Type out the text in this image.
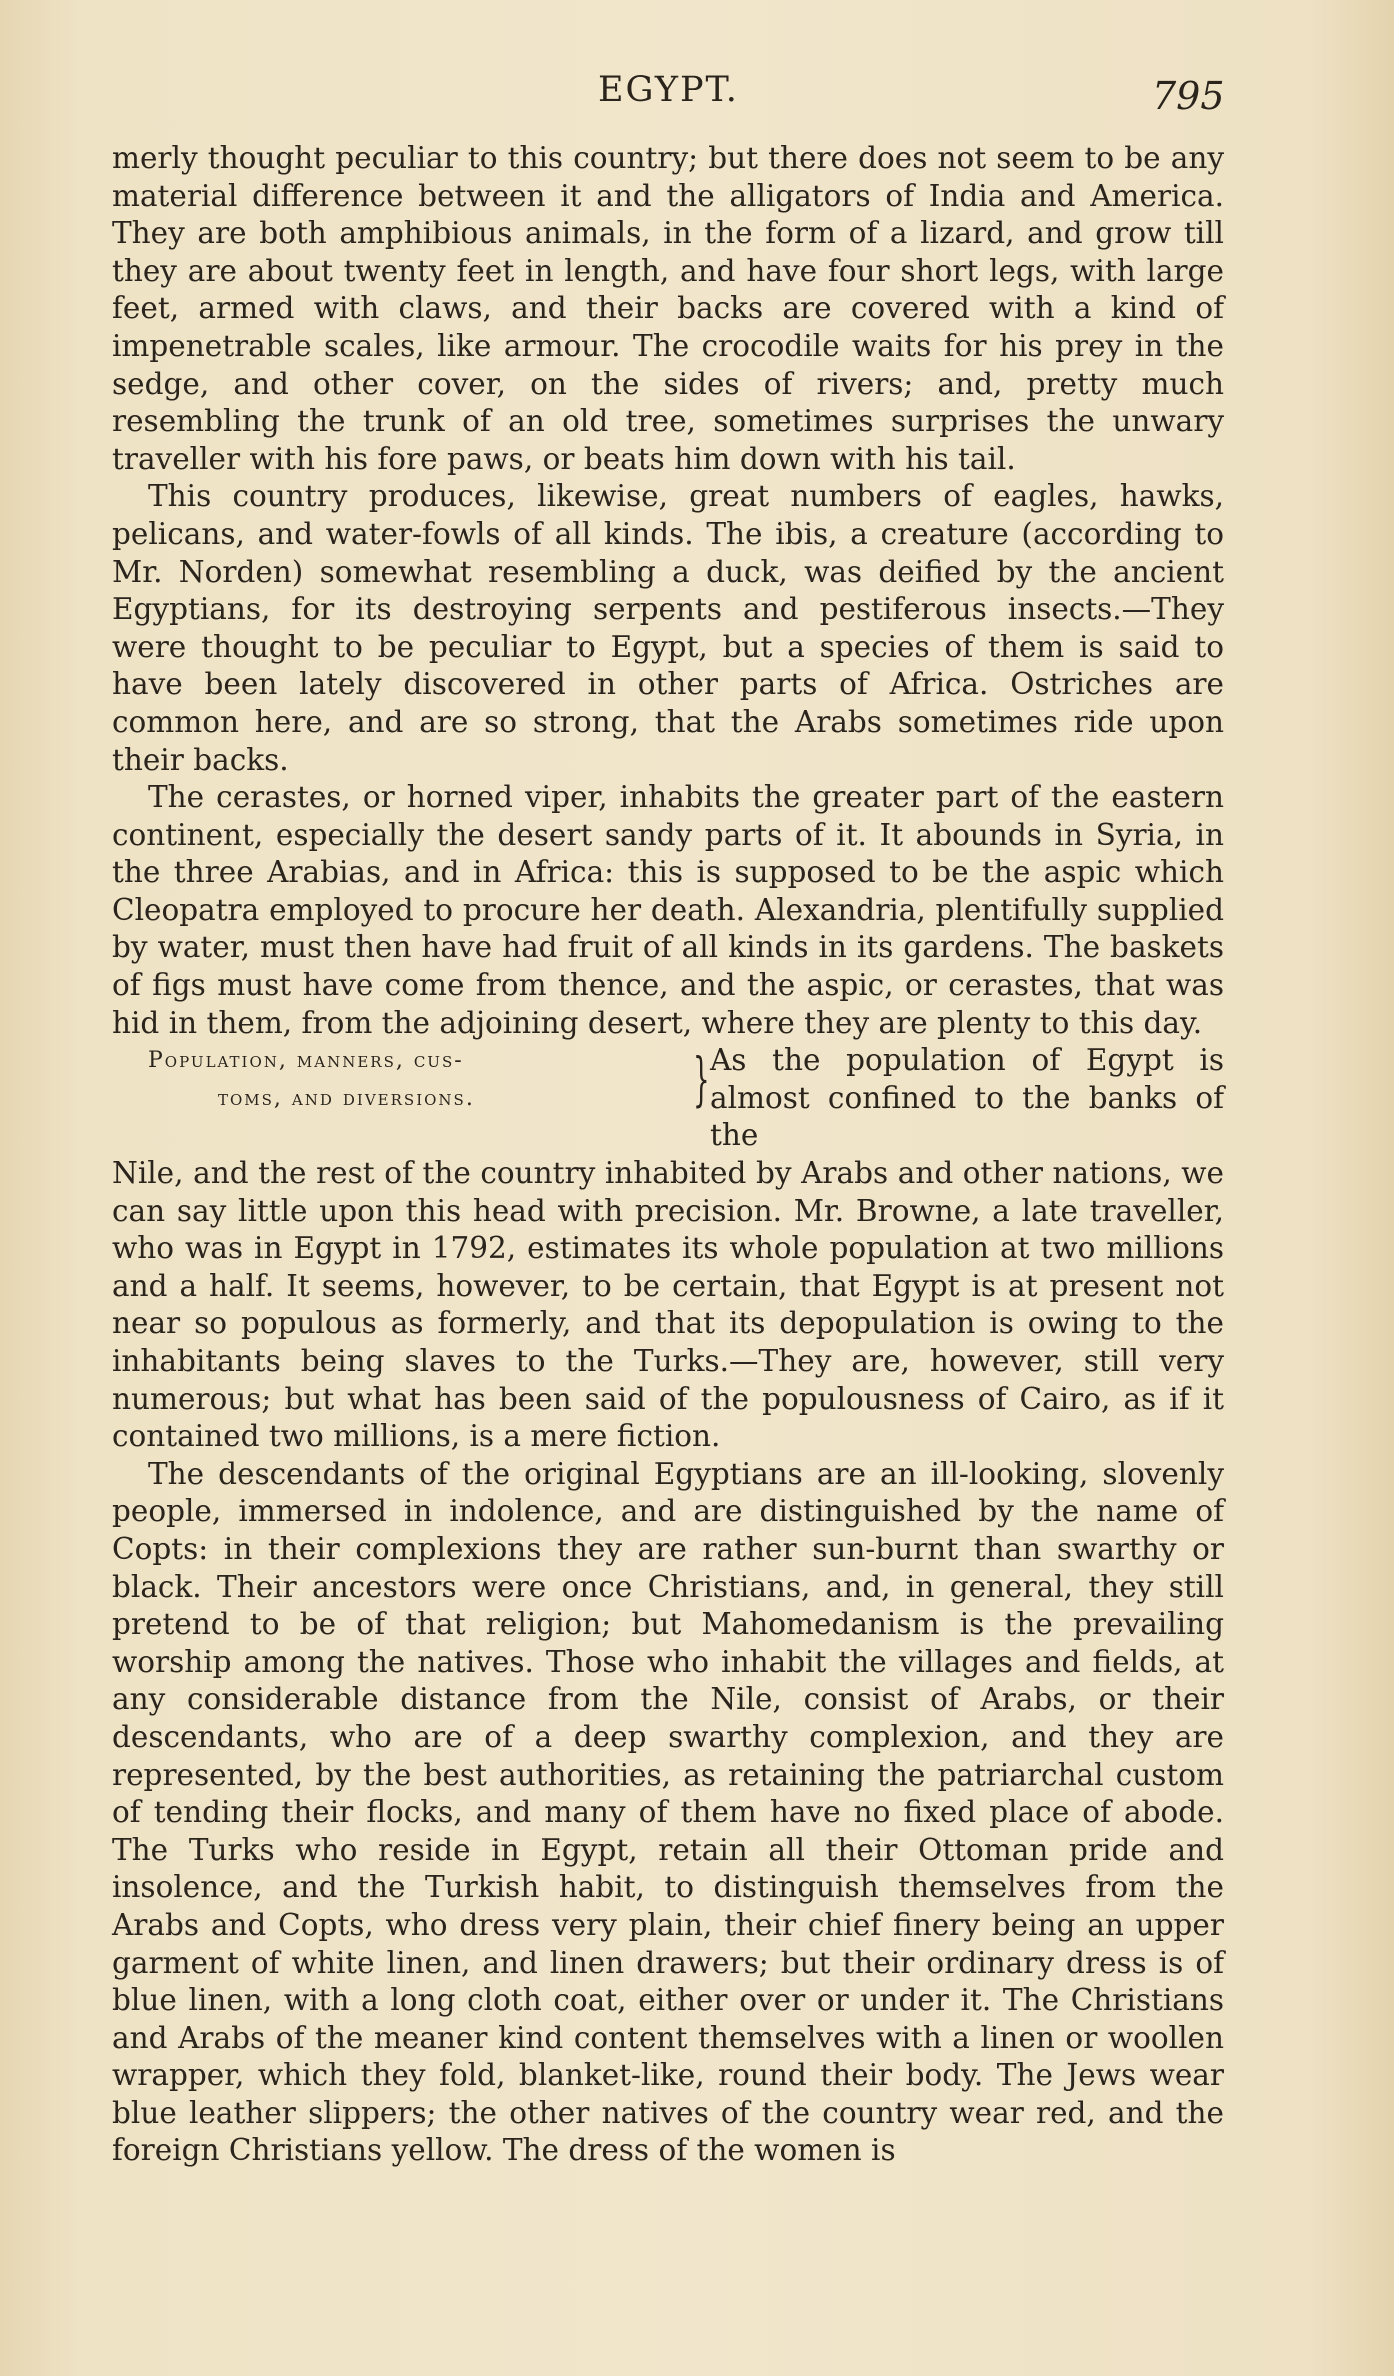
EGYPT.	795

merly thought peculiar to this country; but there does not seem to be any material difference between it and the alligators of India and America. They are both amphibious animals, in the form of a lizard, and grow till they are about twenty feet in length, and have four short legs, with large feet, armed with claws, and their backs are covered with a kind of impenetrable scales, like armour. The crocodile waits for his prey in the sedge, and other cover, on the sides of rivers; and, pretty much resembling the trunk of an old tree, sometimes surprises the unwary traveller with his fore paws, or beats him down with his tail.

This country produces, likewise, great numbers of eagles, hawks, pelicans, and water-fowls of all kinds. The ibis, a creature (according to Mr. Norden) somewhat resembling a duck, was deified by the ancient Egyptians, for its destroying serpents and pestiferous insects.—They were thought to be peculiar to Egypt, but a species of them is said to have been lately discovered in other parts of Africa. Ostriches are common here, and are so strong, that the Arabs sometimes ride upon their backs.

The cerastes, or horned viper, inhabits the greater part of the eastern continent, especially the desert sandy parts of it. It abounds in Syria, in the three Arabias, and in Africa: this is supposed to be the aspic which Cleopatra employed to procure her death. Alexandria, plentifully supplied by water, must then have had fruit of all kinds in its gardens. The baskets of figs must have come from thence, and the aspic, or cerastes, that was hid in them, from the adjoining desert, where they are plenty to this day.

Population, manners, cus-
toms, and diversions.	} As the population of Egypt is almost confined to the banks of the

Nile, and the rest of the country inhabited by Arabs and other nations, we can say little upon this head with precision. Mr. Browne, a late traveller, who was in Egypt in 1792, estimates its whole population at two millions and a half. It seems, however, to be certain, that Egypt is at present not near so populous as formerly, and that its depopulation is owing to the inhabitants being slaves to the Turks.—They are, however, still very numerous; but what has been said of the populousness of Cairo, as if it contained two millions, is a mere fiction.

The descendants of the original Egyptians are an ill-looking, slovenly people, immersed in indolence, and are distinguished by the name of Copts: in their complexions they are rather sun-burnt than swarthy or black. Their ancestors were once Christians, and, in general, they still pretend to be of that religion; but Mahomedanism is the prevailing worship among the natives. Those who inhabit the villages and fields, at any considerable distance from the Nile, consist of Arabs, or their descendants, who are of a deep swarthy complexion, and they are represented, by the best authorities, as retaining the patriarchal custom of tending their flocks, and many of them have no fixed place of abode. The Turks who reside in Egypt, retain all their Ottoman pride and insolence, and the Turkish habit, to distinguish themselves from the Arabs and Copts, who dress very plain, their chief finery being an upper garment of white linen, and linen drawers; but their ordinary dress is of blue linen, with a long cloth coat, either over or under it. The Christians and Arabs of the meaner kind content themselves with a linen or woollen wrapper, which they fold, blanket-like, round their body. The Jews wear blue leather slippers; the other natives of the country wear red, and the foreign Christians yellow. The dress of the women is
